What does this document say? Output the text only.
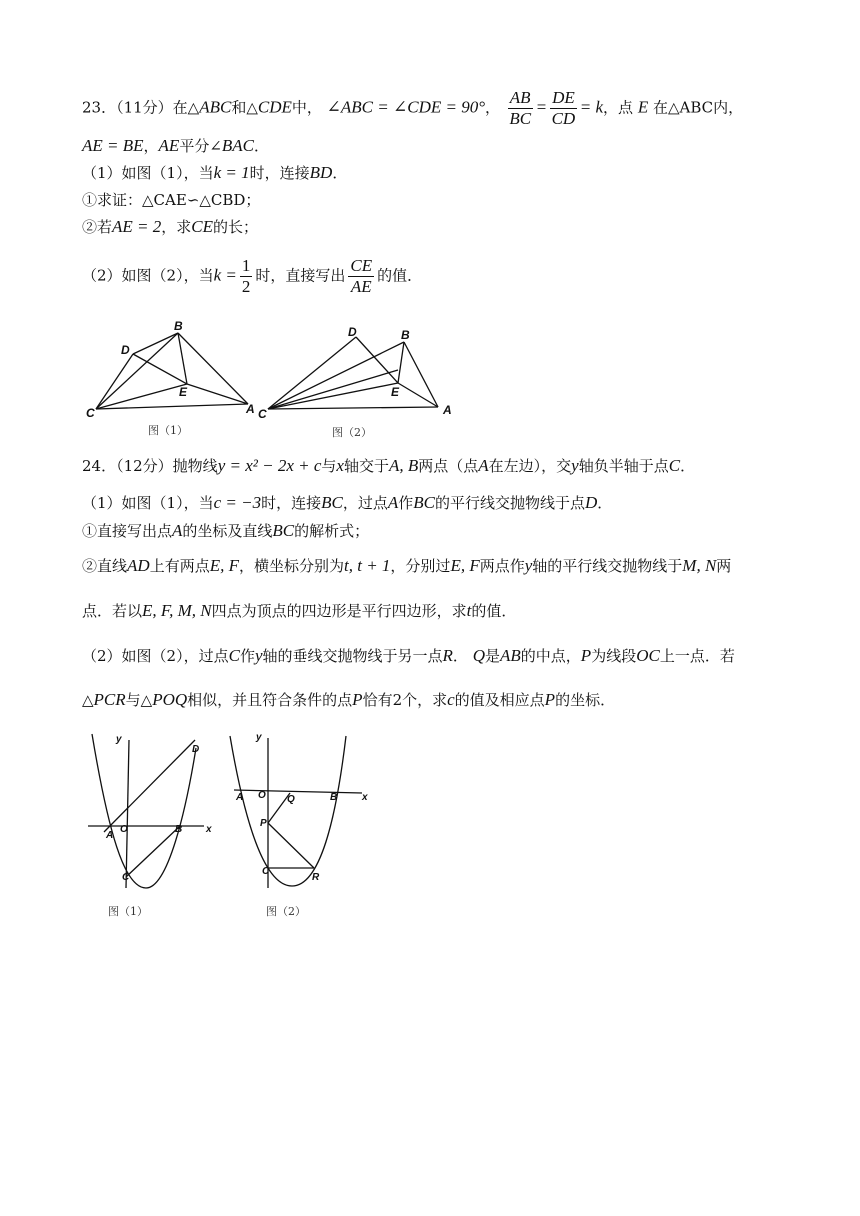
23．（11分）在△ABC和△CDE中， ∠ABC = ∠CDE = 90°， $\frac{AB}{BC} = \frac{DE}{CD} = k$，点 E 在△ABC内，
AE = BE，AE平分∠BAC．
（1）如图（1），当k = 1时，连接BD．
①求证：△CAE∽△CBD；
②若AE = 2，求CE的长；
（2）如图（2），当$k = \frac{1}{2}$ 时，直接写出 $\frac{CE}{AE}$ 的值．
B
D
E
C	A
D	B
E
C	A
y
D
A
O	B x
C
y
A O Q	B x
P
C
R
图（1）	图（2）
24．（12分）抛物线y = x² − 2x + c与x轴交于A, B两点（点A在左边），交y轴负半轴于点C．
（1）如图（1），当c = −3时，连接BC，过点A作BC的平行线交抛物线于点D．
①直接写出点A的坐标及直线BC的解析式；
②直线AD上有两点E, F，横坐标分别为t, t + 1，分别过E, F两点作y轴的平行线交抛物线于M, N两
点．若以E, F, M, N四点为顶点的四边形是平行四边形，求t的值．
（2）如图（2），过点C作y轴的垂线交抛物线于另一点R． Q是AB的中点，P为线段OC上一点．若
△PCR与△POQ相似，并且符合条件的点P恰有2个，求c的值及相应点P的坐标．
图（1）	图（2）
